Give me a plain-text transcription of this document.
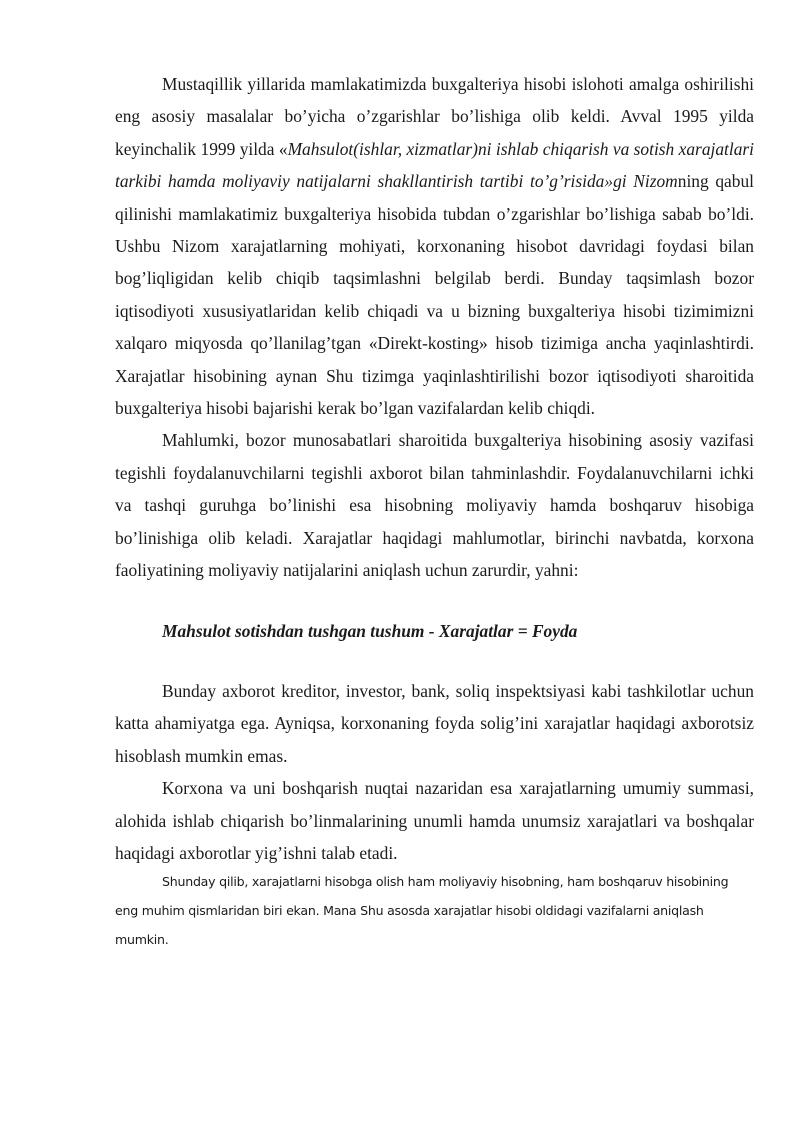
Mustaqillik yillarida mamlakatimizda buxgalteriya hisobi islohoti amalga oshirilishi eng asosiy masalalar bo’yicha o’zgarishlar bo’lishiga olib keldi. Avval 1995 yilda keyinchalik 1999 yilda «Mahsulot(ishlar, xizmatlar)ni ishlab chiqarish va sotish xarajatlari tarkibi hamda moliyaviy natijalarni shakllantirish tartibi to’g’risida»gi Nizomning qabul qilinishi mamlakatimiz buxgalteriya hisobida tubdan o’zgarishlar bo’lishiga sabab bo’ldi. Ushbu Nizom xarajatlarning mohiyati, korxonaning hisobot davridagi foydasi bilan bog’liqligidan kelib chiqib taqsimlashni belgilab berdi. Bunday taqsimlash bozor iqtisodiyoti xususiyatlaridan kelib chiqadi va u bizning buxgalteriya hisobi tizimimizni xalqaro miqyosda qo’llanilag’tgan «Direkt-kosting» hisob tizimiga ancha yaqinlashtirdi. Xarajatlar hisobining aynan Shu tizimga yaqinlashtirilishi bozor iqtisodiyoti sharoitida buxgalteriya hisobi bajarishi kerak bo’lgan vazifalardan kelib chiqdi.

Mahlumki, bozor munosabatlari sharoitida buxgalteriya hisobining asosiy vazifasi tegishli foydalanuvchilarni tegishli axborot bilan tahminlashdir. Foydalanuvchilarni ichki va tashqi guruhga bo’linishi esa hisobning moliyaviy hamda boshqaruv hisobiga bo’linishiga olib keladi. Xarajatlar haqidagi mahlumotlar, birinchi navbatda, korxona faoliyatining moliyaviy natijalarini aniqlash uchun zarurdir, yahni:

Mahsulot sotishdan tushgan tushum - Xarajatlar = Foyda

Bunday axborot kreditor, investor, bank, soliq inspektsiyasi kabi tashkilotlar uchun katta ahamiyatga ega. Ayniqsa, korxonaning foyda solig’ini xarajatlar haqidagi axborotsiz hisoblash mumkin emas.

Korxona va uni boshqarish nuqtai nazaridan esa xarajatlarning umumiy summasi, alohida ishlab chiqarish bo’linmalarining unumli hamda unumsiz xarajatlari va boshqalar haqidagi axborotlar yig’ishni talab etadi.

Shunday qilib, xarajatlarni hisobga olish ham moliyaviy hisobning, ham boshqaruv hisobining eng muhim qismlaridan biri ekan. Mana Shu asosda xarajatlar hisobi oldidagi vazifalarni aniqlash mumkin.
